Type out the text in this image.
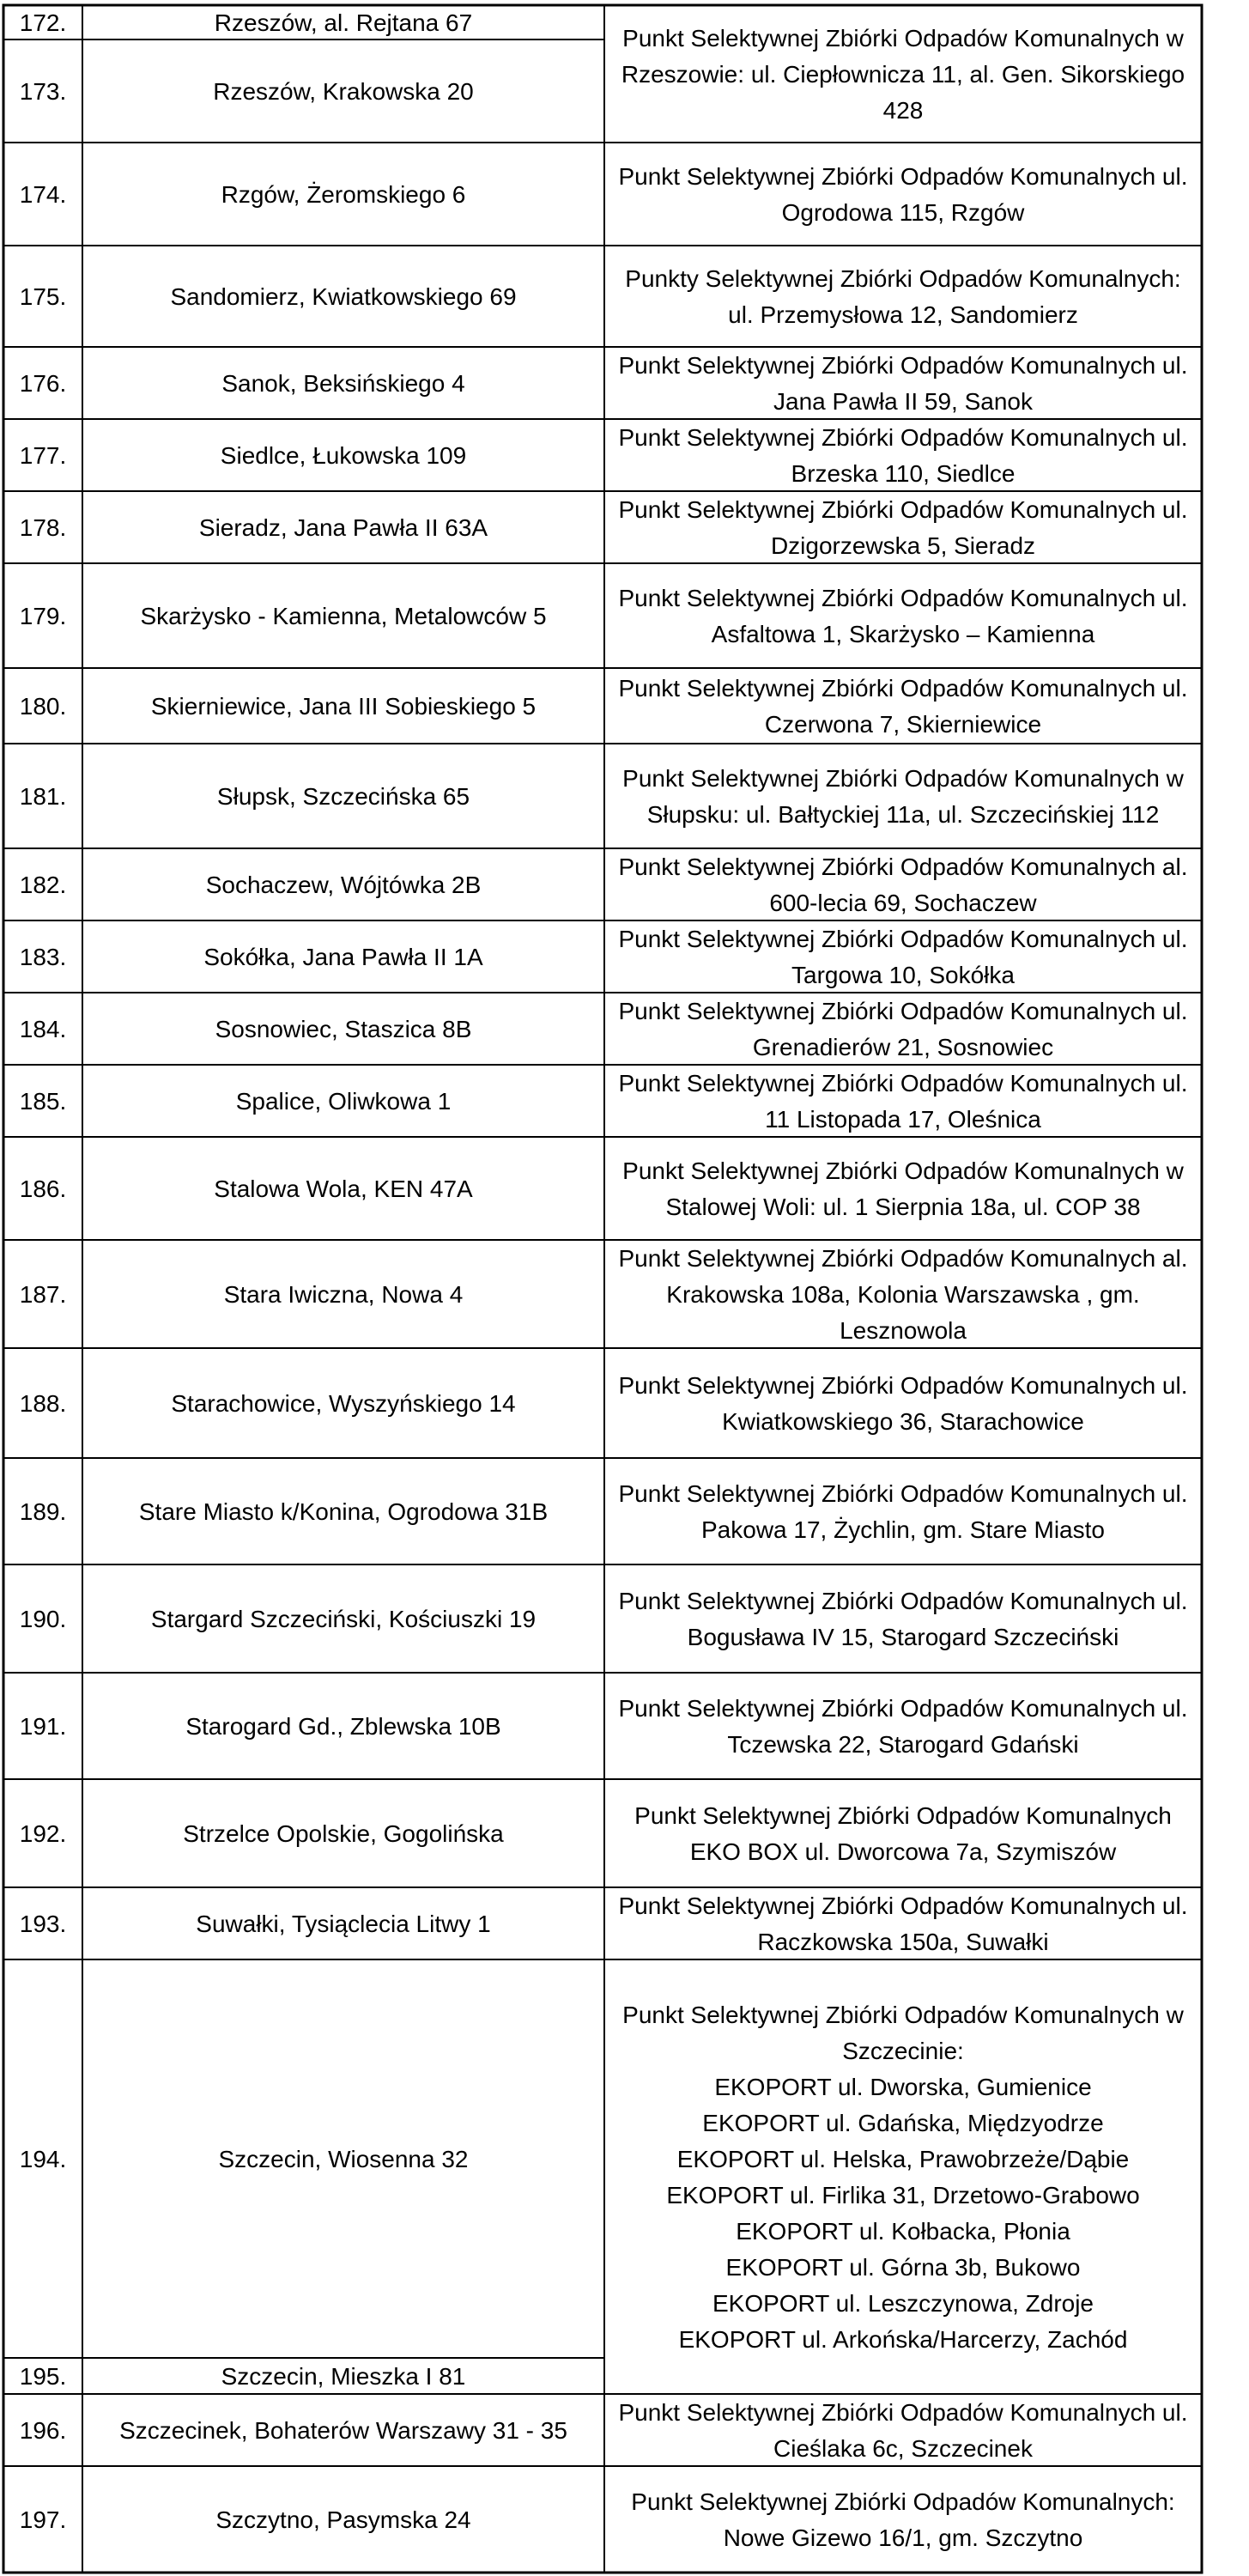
172.	Rzeszów, al. Rejtana 67
Punkt Selektywnej Zbiórki Odpadów Komunalnych w
Rzeszowie: ul. Ciepłownicza 11, al. Gen. Sikorskiego
428
173.	Rzeszów, Krakowska 20
174.	Rzgów, Żeromskiego 6
Punkt Selektywnej Zbiórki Odpadów Komunalnych ul.
Ogrodowa 115, Rzgów
175.	Sandomierz, Kwiatkowskiego 69
Punkty Selektywnej Zbiórki Odpadów Komunalnych:
ul. Przemysłowa 12, Sandomierz
176.	Sanok, Beksińskiego 4
Punkt Selektywnej Zbiórki Odpadów Komunalnych ul.
Jana Pawła II 59, Sanok
177.	Siedlce, Łukowska 109
Punkt Selektywnej Zbiórki Odpadów Komunalnych ul.
Brzeska 110, Siedlce
178.	Sieradz, Jana Pawła II 63A
Punkt Selektywnej Zbiórki Odpadów Komunalnych ul.
Dzigorzewska 5, Sieradz
179.	Skarżysko - Kamienna, Metalowców 5
Punkt Selektywnej Zbiórki Odpadów Komunalnych ul.
Asfaltowa 1, Skarżysko – Kamienna
180.	Skierniewice, Jana III Sobieskiego 5
Punkt Selektywnej Zbiórki Odpadów Komunalnych ul.
Czerwona 7, Skierniewice
181.	Słupsk, Szczecińska 65
Punkt Selektywnej Zbiórki Odpadów Komunalnych w
Słupsku: ul. Bałtyckiej 11a, ul. Szczecińskiej 112
182.	Sochaczew, Wójtówka 2B
Punkt Selektywnej Zbiórki Odpadów Komunalnych al.
600-lecia 69, Sochaczew
183.	Sokółka, Jana Pawła II 1A
Punkt Selektywnej Zbiórki Odpadów Komunalnych ul.
Targowa 10, Sokółka
184.	Sosnowiec, Staszica 8B
Punkt Selektywnej Zbiórki Odpadów Komunalnych ul.
Grenadierów 21, Sosnowiec
185.	Spalice, Oliwkowa 1
Punkt Selektywnej Zbiórki Odpadów Komunalnych ul.
11 Listopada 17, Oleśnica
186.	Stalowa Wola, KEN 47A
Punkt Selektywnej Zbiórki Odpadów Komunalnych w
Stalowej Woli: ul. 1 Sierpnia 18a, ul. COP 38
187.	Stara Iwiczna, Nowa 4
Punkt Selektywnej Zbiórki Odpadów Komunalnych al.
Krakowska 108a, Kolonia Warszawska , gm.
Lesznowola
188.	Starachowice, Wyszyńskiego 14
Punkt Selektywnej Zbiórki Odpadów Komunalnych ul.
Kwiatkowskiego 36, Starachowice
189.	Stare Miasto k/Konina, Ogrodowa 31B
Punkt Selektywnej Zbiórki Odpadów Komunalnych ul.
Pakowa 17, Żychlin, gm. Stare Miasto
190.	Stargard Szczeciński, Kościuszki 19
Punkt Selektywnej Zbiórki Odpadów Komunalnych ul.
Bogusława IV 15, Starogard Szczeciński
191.	Starogard Gd., Zblewska 10B
Punkt Selektywnej Zbiórki Odpadów Komunalnych ul.
Tczewska 22, Starogard Gdański
192.	Strzelce Opolskie, Gogolińska
Punkt Selektywnej Zbiórki Odpadów Komunalnych
EKO BOX ul. Dworcowa 7a, Szymiszów
193.	Suwałki, Tysiąclecia Litwy 1
Punkt Selektywnej Zbiórki Odpadów Komunalnych ul.
Raczkowska 150a, Suwałki
194.	Szczecin, Wiosenna 32
Punkt Selektywnej Zbiórki Odpadów Komunalnych w
Szczecinie:
EKOPORT ul. Dworska, Gumienice
EKOPORT ul. Gdańska, Międzyodrze
EKOPORT ul. Helska, Prawobrzeże/Dąbie
EKOPORT ul. Firlika 31, Drzetowo-Grabowo
EKOPORT ul. Kołbacka, Płonia
EKOPORT ul. Górna 3b, Bukowo
EKOPORT ul. Leszczynowa, Zdroje
EKOPORT ul. Arkońska/Harcerzy, Zachód
195.	Szczecin, Mieszka I 81
196. Szczecinek, Bohaterów Warszawy 31 - 35
Punkt Selektywnej Zbiórki Odpadów Komunalnych ul.
Cieślaka 6c, Szczecinek
197.	Szczytno, Pasymska 24
Punkt Selektywnej Zbiórki Odpadów Komunalnych:
Nowe Gizewo 16/1, gm. Szczytno
